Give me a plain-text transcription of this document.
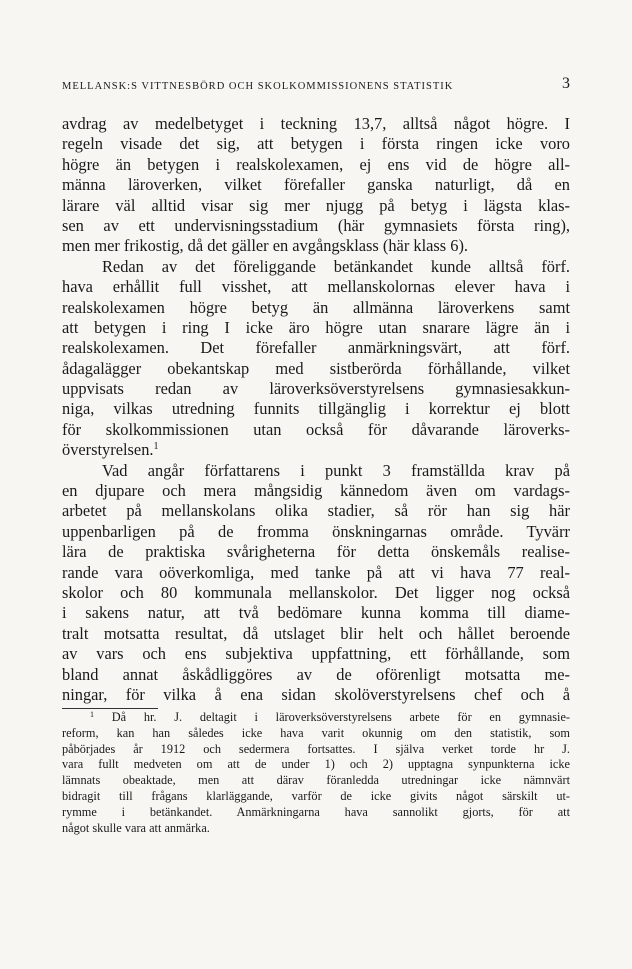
MELLANSK:S VITTNESBÖRD OCH SKOLKOMMISSIONENS STATISTIK	3
avdrag av medelbetyget i teckning 13,7, alltså något högre. I
regeln visade det sig, att betygen i första ringen icke voro
högre än betygen i realskolexamen, ej ens vid de högre all-
männa läroverken, vilket förefaller ganska naturligt, då en
lärare väl alltid visar sig mer njugg på betyg i lägsta klas-
sen av ett undervisningsstadium (här gymnasiets första ring),
men mer frikostig, då det gäller en avgångsklass (här klass 6).
Redan av det föreliggande betänkandet kunde alltså förf.
hava erhållit full visshet, att mellanskolornas elever hava i
realskolexamen högre betyg än allmänna läroverkens samt
att betygen i ring I icke äro högre utan snarare lägre än i
realskolexamen. Det förefaller anmärkningsvärt, att förf.
ådagalägger obekantskap med sistberörda förhållande, vilket
uppvisats redan av läroverksöverstyrelsens gymnasiesakkun-
niga, vilkas utredning funnits tillgänglig i korrektur ej blott
för skolkommissionen utan också för dåvarande läroverks-
överstyrelsen.$^1$
Vad angår författarens i punkt 3 framställda krav på
en djupare och mera mångsidig kännedom även om vardags-
arbetet på mellanskolans olika stadier, så rör han sig här
uppenbarligen på de fromma önskningarnas område. Tyvärr
lära de praktiska svårigheterna för detta önskemåls realise-
rande vara oöverkomliga, med tanke på att vi hava 77 real-
skolor och 80 kommunala mellanskolor. Det ligger nog också
i sakens natur, att två bedömare kunna komma till diame-
tralt motsatta resultat, då utslaget blir helt och hållet beroende
av vars och ens subjektiva uppfattning, ett förhållande, som
bland annat åskådliggöres av de oförenligt motsatta me-
ningar, för vilka å ena sidan skolöverstyrelsens chef och å
$^1$ Då hr. J. deltagit i läroverksöverstyrelsens arbete för en gymnasie-
reform, kan han således icke hava varit okunnig om den statistik, som
påbörjades år 1912 och sedermera fortsattes. I själva verket torde hr J.
vara fullt medveten om att de under 1) och 2) upptagna synpunkterna icke
lämnats obeaktade, men att därav föranledda utredningar icke nämnvärt
bidragit till frågans klarläggande, varför de icke givits något särskilt ut-
rymme i betänkandet. Anmärkningarna hava sannolikt gjorts, för att
något skulle vara att anmärka.
